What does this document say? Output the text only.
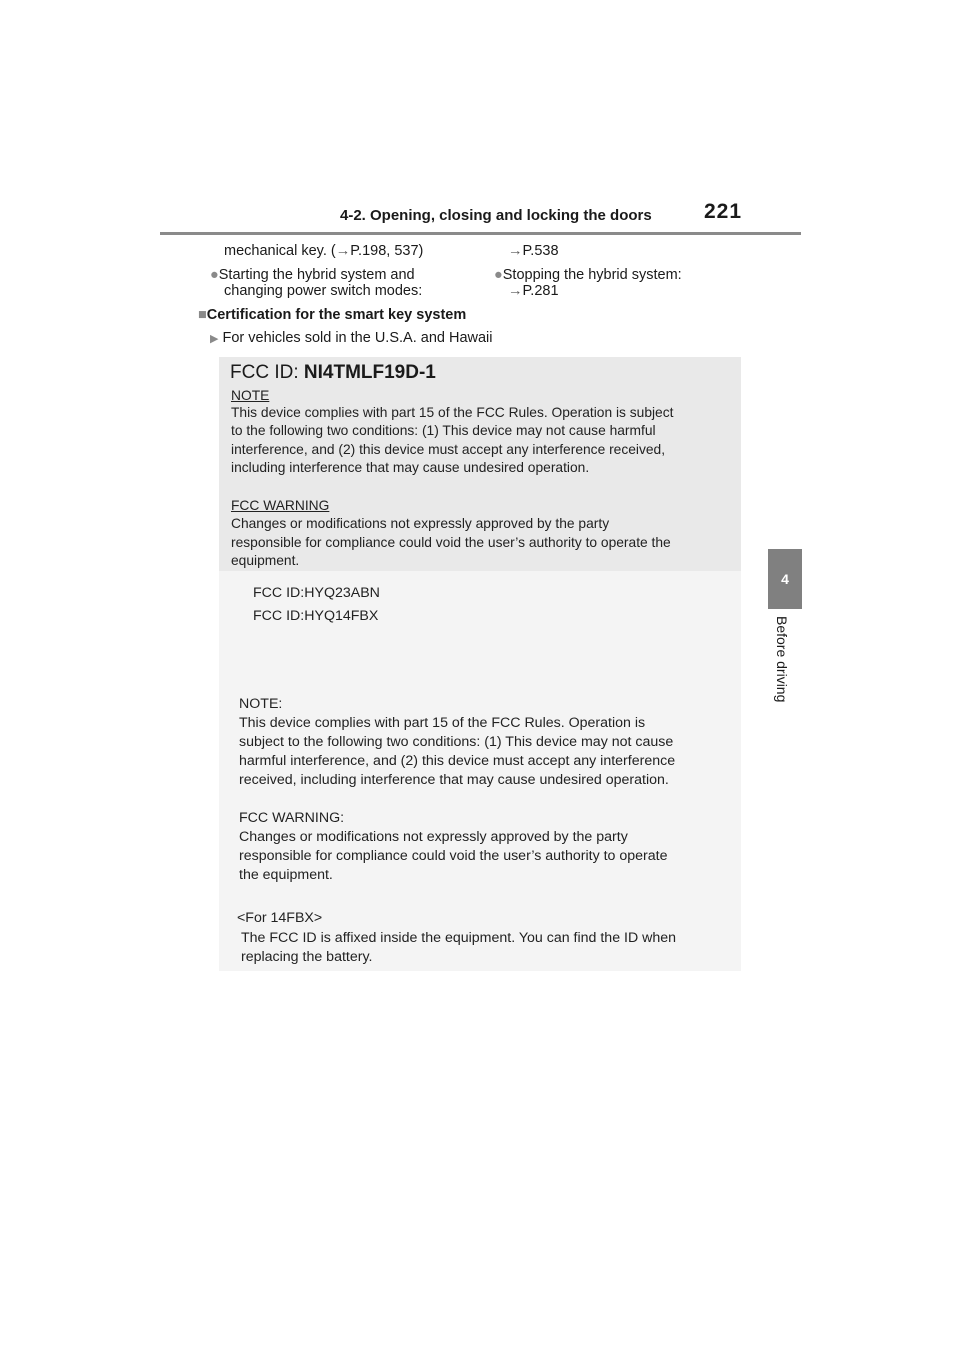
4-2. Opening, closing and locking the doors 221
4
Before driving
mechanical key. (→P.198, 537)	→P.538
●Starting the hybrid system and
changing power switch modes:
●Stopping the hybrid system:
→P.281
■Certification for the smart key system
▶ For vehicles sold in the U.S.A. and Hawaii
FCC ID: NI4TMLF19D-1
NOTE
This device complies with part 15 of the FCC Rules. Operation is subject
to the following two conditions: (1) This device may not cause harmful
interference, and (2) this device must accept any interference received,
including interference that may cause undesired operation.
FCC WARNING
Changes or modifications not expressly approved by the party
responsible for compliance could void the user’s authority to operate the
equipment.
FCC ID:HYQ23ABN
FCC ID:HYQ14FBX
NOTE:
This device complies with part 15 of the FCC Rules. Operation is
subject to the following two conditions: (1) This device may not cause
harmful interference, and (2) this device must accept any interference
received, including interference that may cause undesired operation.
FCC WARNING:
Changes or modifications not expressly approved by the party
responsible for compliance could void the user’s authority to operate
the equipment.
<For 14FBX>
The FCC ID is affixed inside the equipment. You can find the ID when
replacing the battery.
